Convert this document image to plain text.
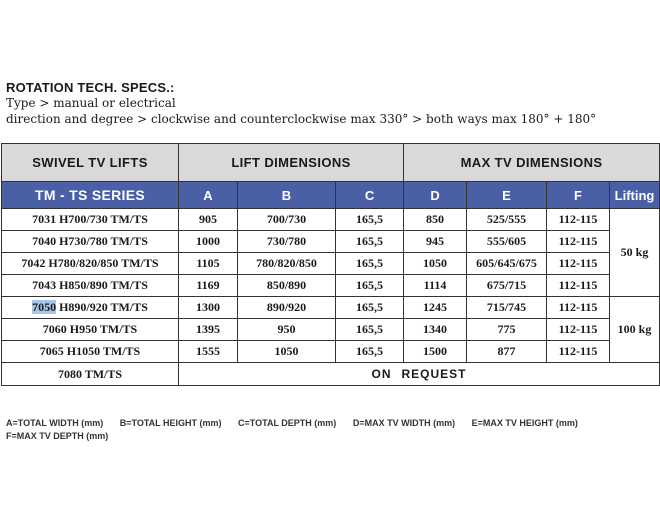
ROTATION TECH. SPECS.:
Type > manual or electrical
direction and degree > clockwise and counterclockwise max 330° > both ways max 180° + 180°
SWIVEL TV LIFTS	LIFT DIMENSIONS			MAX TV DIMENSIONS			
TM - TS SERIES	A	B	C	D	E	F	Lifting
7031 H700/730 TM/TS	905	700/730	165,5	850	525/555	112-115	50 kg
7040 H730/780 TM/TS	1000	730/780	165,5	945	555/605	112-115	
7042 H780/820/850 TM/TS	1105	780/820/850	165,5	1050	605/645/675	112-115	
7043 H850/890 TM/TS	1169	850/890	165,5	1114	675/715	112-115	
7050 H890/920 TM/TS	1300	890/920	165,5	1245	715/745	112-115	100 kg
7060 H950 TM/TS	1395	950	165,5	1340	775	112-115	
7065 H1050 TM/TS	1555	1050	165,5	1500	877	112-115	
7080 TM/TS	ON REQUEST						
A=TOTAL WIDTH (mm) B=TOTAL HEIGHT (mm) C=TOTAL DEPTH (mm) D=MAX TV WIDTH (mm) E=MAX TV HEIGHT (mm)
F=MAX TV DEPTH (mm)
